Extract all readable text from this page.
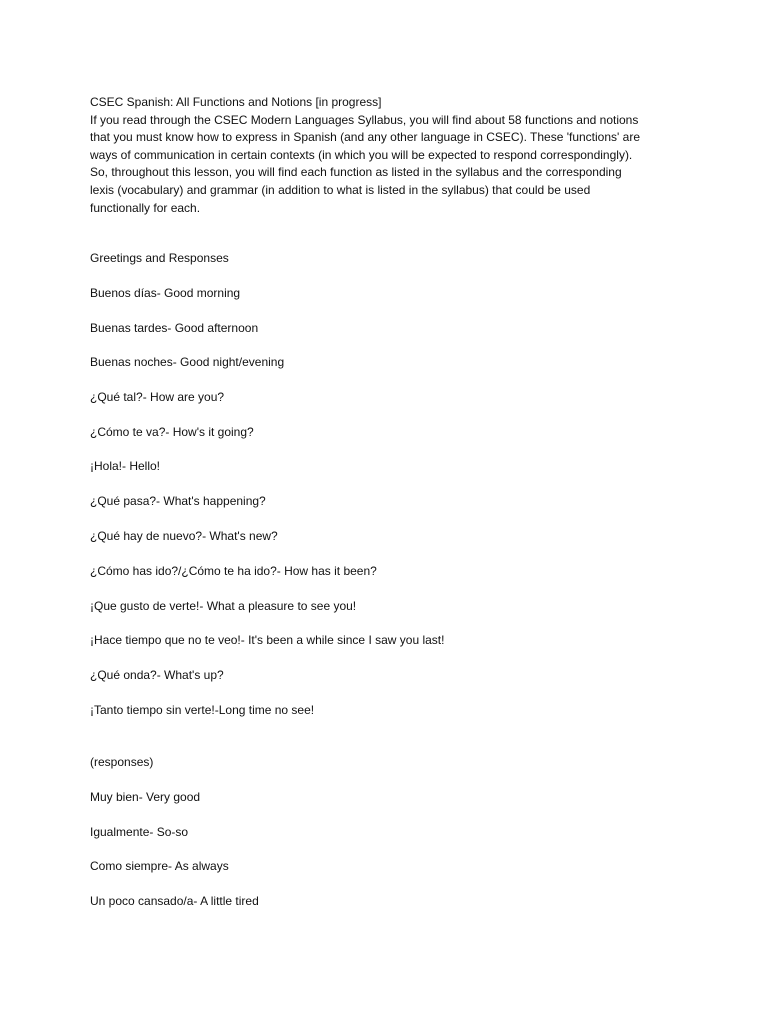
CSEC Spanish: All Functions and Notions [in progress]
If you read through the CSEC Modern Languages Syllabus, you will find about 58 functions and notions
that you must know how to express in Spanish (and any other language in CSEC). These 'functions' are
ways of communication in certain contexts (in which you will be expected to respond correspondingly).
So, throughout this lesson, you will find each function as listed in the syllabus and the corresponding
lexis (vocabulary) and grammar (in addition to what is listed in the syllabus) that could be used
functionally for each.
Greetings and Responses
Buenos días- Good morning
Buenas tardes- Good afternoon
Buenas noches- Good night/evening
¿Qué tal?- How are you?
¿Cómo te va?- How's it going?
¡Hola!- Hello!
¿Qué pasa?- What's happening?
¿Qué hay de nuevo?- What's new?
¿Cómo has ido?/¿Cómo te ha ido?- How has it been?
¡Que gusto de verte!- What a pleasure to see you!
¡Hace tiempo que no te veo!- It's been a while since I saw you last!
¿Qué onda?- What's up?
¡Tanto tiempo sin verte!-Long time no see!
(responses)
Muy bien- Very good
Igualmente- So-so
Como siempre- As always
Un poco cansado/a- A little tired
